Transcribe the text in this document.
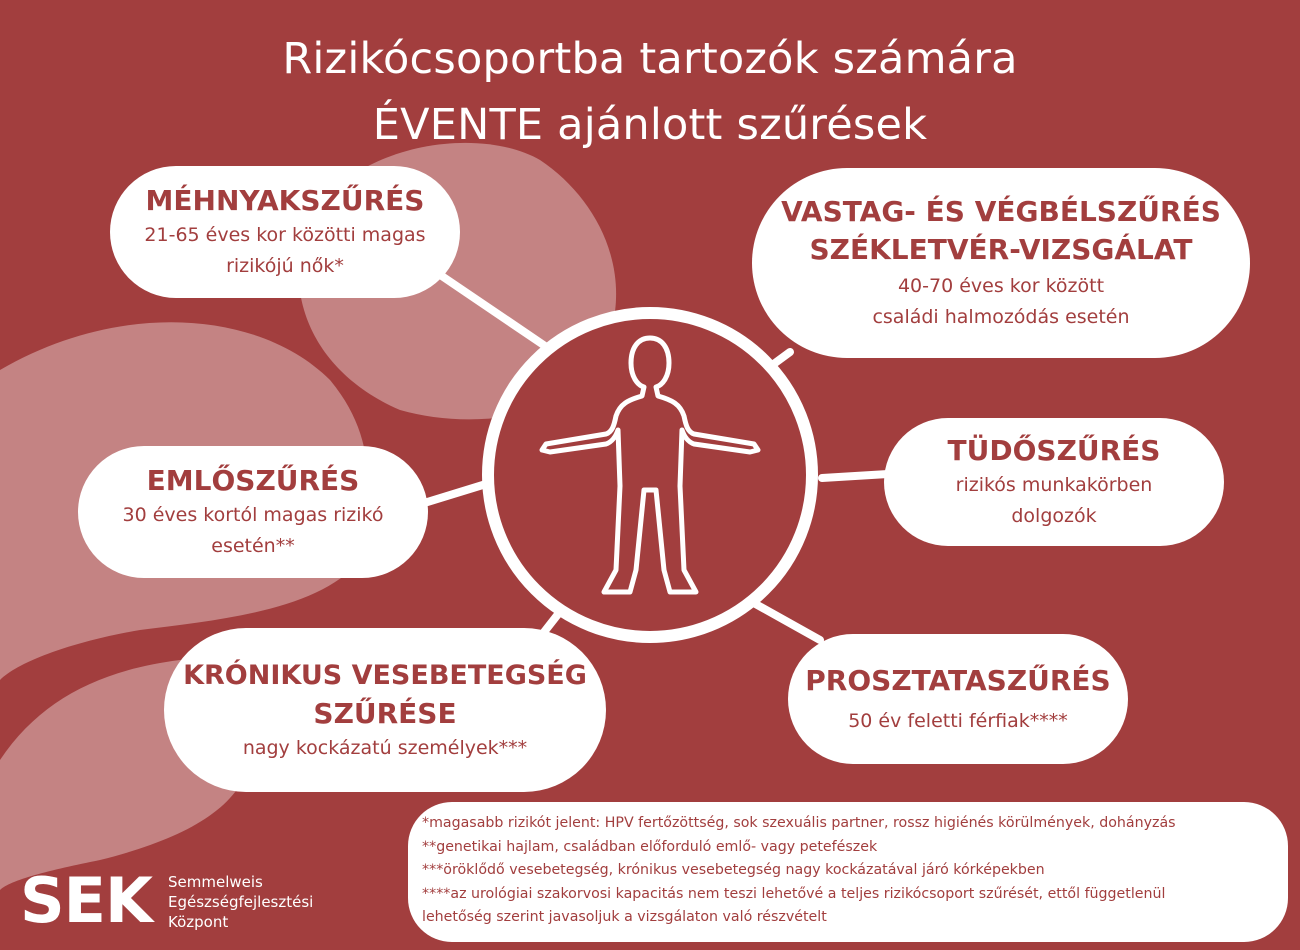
Rizikócsoportba tartozók számára
ÉVENTE ajánlott szűrések
MÉHNYAKSZŰRÉS
21-65 éves kor közötti magas
rizikójú nők*
VASTAG- ÉS VÉGBÉLSZŰRÉS
SZÉKLETVÉR-VIZSGÁLAT
40-70 éves kor között
családi halmozódás esetén
EMLŐSZŰRÉS
30 éves kortól magas rizikó
esetén**
TÜDŐSZŰRÉS
rizikós munkakörben
dolgozók
KRÓNIKUS VESEBETEGSÉG
SZŰRÉSE
nagy kockázatú személyek***
PROSZTATASZŰRÉS
50 év feletti férfiak****
*magasabb rizikót jelent: HPV fertőzöttség, sok szexuális partner, rossz higiénés körülmények, dohányzás
**genetikai hajlam, családban előforduló emlő- vagy petefészek
***öröklődő vesebetegség, krónikus vesebetegség nagy kockázatával járó kórképekben
****az urológiai szakorvosi kapacitás nem teszi lehetővé a teljes rizikócsoport szűrését, ettől függetlenül
lehetőség szerint javasoljuk a vizsgálaton való részvételt
SEK Semmelweis
Egészségfejlesztési
Központ
